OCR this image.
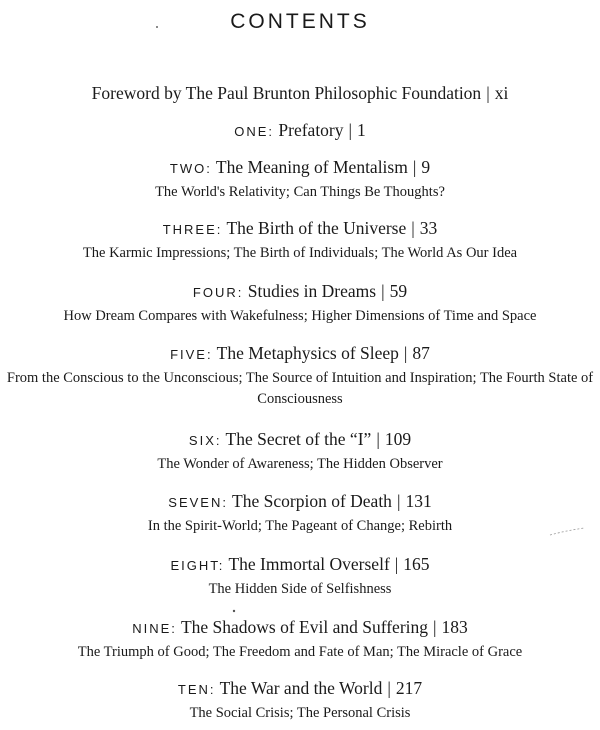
CONTENTS
Foreword by The Paul Brunton Philosophic Foundation | xi
ONE: Prefatory | 1
TWO: The Meaning of Mentalism | 9
The World's Relativity; Can Things Be Thoughts?
THREE: The Birth of the Universe | 33
The Karmic Impressions; The Birth of Individuals; The World As Our Idea
FOUR: Studies in Dreams | 59
How Dream Compares with Wakefulness; Higher Dimensions of Time and Space
FIVE: The Metaphysics of Sleep | 87
From the Conscious to the Unconscious; The Source of Intuition and Inspiration; The Fourth State of Consciousness
SIX: The Secret of the “I” | 109
The Wonder of Awareness; The Hidden Observer
SEVEN: The Scorpion of Death | 131
In the Spirit-World; The Pageant of Change; Rebirth
EIGHT: The Immortal Overself | 165
The Hidden Side of Selfishness
NINE: The Shadows of Evil and Suffering | 183
The Triumph of Good; The Freedom and Fate of Man; The Miracle of Grace
TEN: The War and the World | 217
The Social Crisis; The Personal Crisis
